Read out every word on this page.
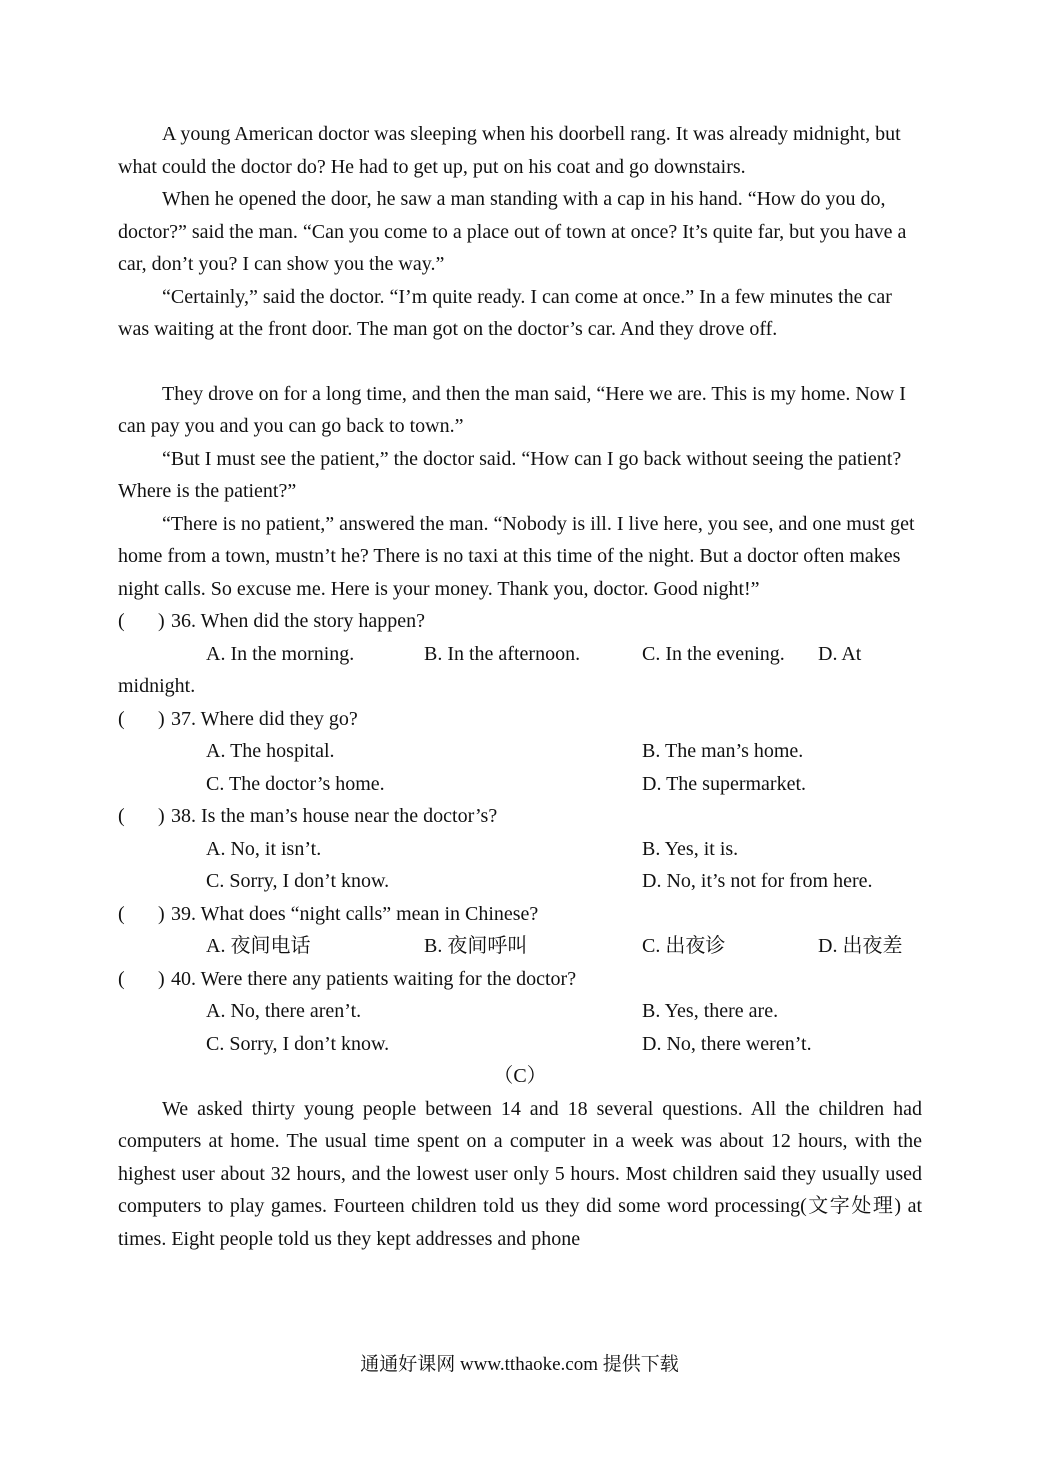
A young American doctor was sleeping when his doorbell rang. It was already midnight, but what could the doctor do? He had to get up, put on his coat and go downstairs.

When he opened the door, he saw a man standing with a cap in his hand. “How do you do, doctor?” said the man. “Can you come to a place out of town at once? It’s quite far, but you have a car, don’t you? I can show you the way.”

“Certainly,” said the doctor. “I’m quite ready. I can come at once.” In a few minutes the car was waiting at the front door. The man got on the doctor’s car. And they drove off.

They drove on for a long time, and then the man said, “Here we are. This is my home. Now I can pay you and you can go back to town.”

“But I must see the patient,” the doctor said. “How can I go back without seeing the patient? Where is the patient?”

“There is no patient,” answered the man. “Nobody is ill. I live here, you see, and one must get home from a town, mustn’t he? There is no taxi at this time of the night. But a doctor often makes night calls. So excuse me. Here is your money. Thank you, doctor. Good night!”

( ) 36. When did the story happen?
A. In the morning.	B. In the afternoon.	C. In the evening. D. At
midnight.
( ) 37. Where did they go?
A. The hospital.	B. The man’s home.
C. The doctor’s home.	D. The supermarket.
( ) 38. Is the man’s house near the doctor’s?
A. No, it isn’t.	B. Yes, it is.
C. Sorry, I don’t know.	D. No, it’s not for from here.
( ) 39. What does “night calls” mean in Chinese?
A. 夜间电话	B. 夜间呼叫	C. 出夜诊	D. 出夜差
( ) 40. Were there any patients waiting for the doctor?
A. No, there aren’t.	B. Yes, there are.
C. Sorry, I don’t know.	D. No, there weren’t.
（C）

We asked thirty young people between 14 and 18 several questions. All the children had computers at home. The usual time spent on a computer in a week was about 12 hours, with the highest user about 32 hours, and the lowest user only 5 hours. Most children said they usually used computers to play games. Fourteen children told us they did some word processing(文字处理) at times. Eight people told us they kept addresses and phone

通通好课网 www.tthaoke.com 提供下载
